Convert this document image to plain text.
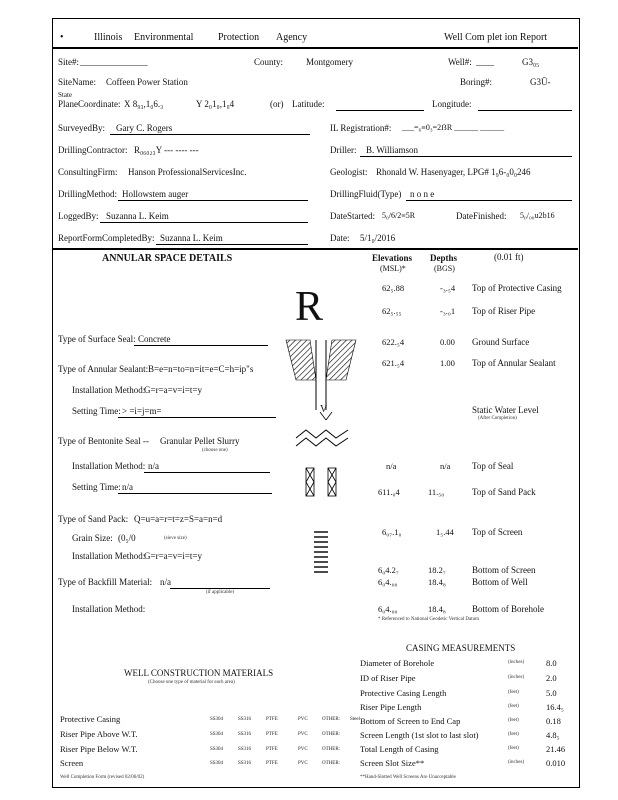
•	Illinois Environmental Protection Agency	Well Com plet ion Report
Site#: _______________	County:	Montgomery	Well#: ____	G3₀₅
SiteName: Coffeen Power Station	Boring#:	G3Ū-
State
PlaneCoordinate: X 8₉₃,1₀6.₃	Y 2₀1₀,1₀4	(or) Latitude:	Longitude:
SurveyedBy: Gary C. Rogers	IL Registration#: ___=₆≡0₃=2ẞR ______ ______
DrillingContractor: R₀₆₀₂₃Y --- ---- ---	Driller: B. Williamson
ConsultingFirm: Hanson ProfessionalServicesInc.	Geologist: Rhonald W. Hasenyager, LPG# 1₉6-₀0₀246
DrillingMethod: Hollowstem auger	DrillingFluid(Type) n o n e
LoggedBy: Suzanna L. Keim	DateStarted: 5₀/6/2≡5R	DateFinished: 5₀/₀₀u2b16
ReportFormCompletedBy: Suzanna L. Keim	Date: 5/1₀/2016
ANNULAR SPACE DETAILS	Elevations
(MSL)*
Depths
(BGS)
(0.01 ft)
62₅.88	-₃.₅4 Top of Protective Casing
62₅.₅₅	-₃.₀1 Top of Riser Pipe
622.₅4	0.00 Ground Surface
621.₅4	1.00 Top of Annular Sealant
Static Water Level
(After Completion)
n/a	n/a Top of Seal
611.₀4	11.₅₀	Top of Sand Pack
6₀₇.1₀	1₅.44 Top of Screen
6₀4.2₇	18.2₇	Bottom of Screen
6₀4.₀₀	18.4₈	Bottom of Well
6₀4.₀₀	18.4₈	Bottom of Borehole
* Referenced to National Geodetic Vertical Datum
Type of Surface Seal: Concrete
Type of Annular Sealant: B=e=n=to=n=it=e=C=h=ip"s
Installation Method:
G=r=a=v=i=t=y
Setting Time: > =i=j=m=
Type of Bentonite Seal -- Granular Pellet Slurry
(choose one)
Installation Method: n/a
Setting Time: n/a
Type of Sand Pack: Q=u=a=r=t=z=S=a=n=d
Grain Size: (0₅/0	(sieve size)
Installation Method:
G=r=a=v=i=t=y
Type of Backfill Material: n/a
(if applicable)
Installation Method:
R
V
CASING MEASUREMENTS
Diameter of Borehole	(inches)	8.0
ID of Riser Pipe	(inches)	2.0
Protective Casing Length	(feet)	5.0
Riser Pipe Length	(feet)	16.4₅
Bottom of Screen to End Cap	(feet)	0.18
Screen Length (1st slot to last slot)	(feet)	4.8₅
Total Length of Casing	(feet)	21.46
Screen Slot Size**	(inches)	0.010
**Hand-Slotted Well Screens Are Unacceptable
WELL CONSTRUCTION MATERIALS
(Choose one type of material for each area)
Protective Casing	SS304	SS316	PTFE	PVC	OTHER: Steel
Riser Pipe Above W.T.	SS304	SS316	PTFE	PVC	OTHER:
Riser Pipe Below W.T.	SS304	SS316	PTFE	PVC	OTHER:
Screen	SS304	SS316	PTFE	PVC	OTHER:
Well Completion Form (revised 02/06/02)
